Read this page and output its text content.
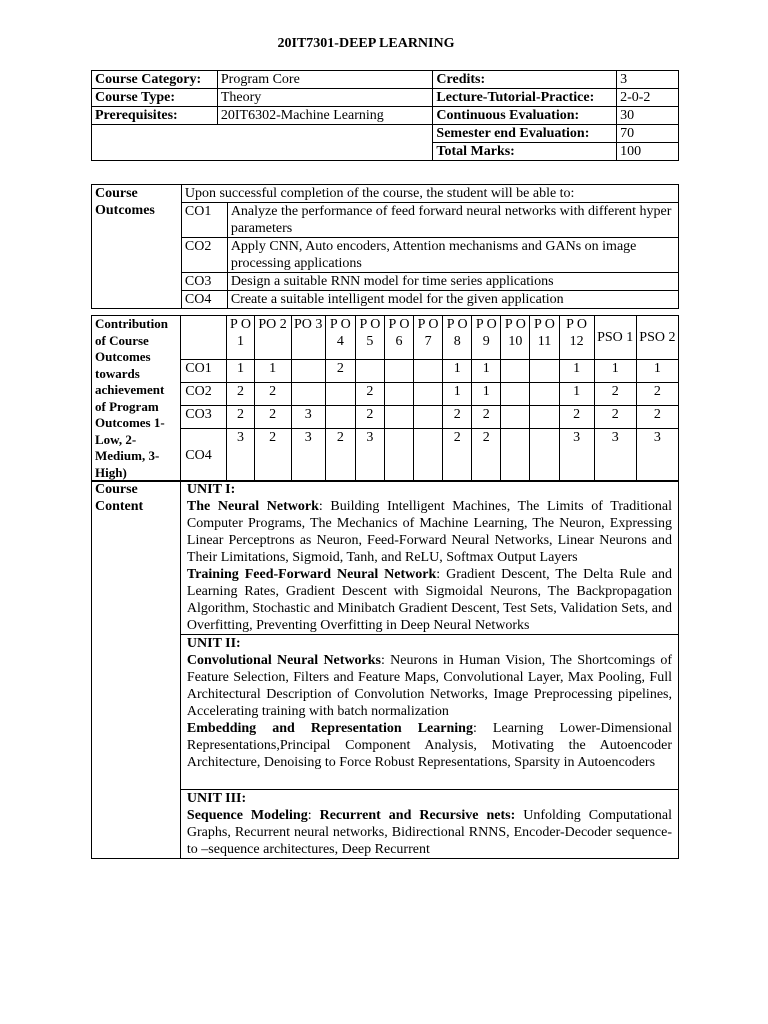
20IT7301-DEEP LEARNING
Course Category:	Program Core	Credits:	3
Course Type:	Theory	Lecture-Tutorial-Practice:	2-0-2
Prerequisites:	20IT6302-Machine Learning	Continuous Evaluation:	30
		Semester end Evaluation:	70
		Total Marks:	100
Course Outcomes	Upon successful completion of the course, the student will be able to:	
	CO1	Analyze the performance of feed forward neural networks with different hyper parameters
	CO2	Apply CNN, Auto encoders, Attention mechanisms and GANs on image processing applications
	CO3	Design a suitable RNN model for time series applications
	CO4	Create a suitable intelligent model for the given application
Contribution of Course Outcomes towards achievement of Program Outcomes 1-Low, 2-Medium, 3-High)		P O 1	PO 2	PO 3	P O 4	P O 5	P O 6	P O 7	P O 8	P O 9	P O 10	P O 11	P O 12	PSO 1	PSO 2
	CO1	1	1		2				1	1			1	1	1
	CO2	2	2			2			1	1			1	2	2
	CO3	2	2	3		2			2	2			2	2	2
	CO4	3	2	3	2	3			2	2			3	3	3
Course Content	
UNIT I:

The Neural Network: Building Intelligent Machines, The Limits of Traditional Computer Programs, The Mechanics of Machine Learning, The Neuron, Expressing Linear Perceptrons as Neuron, Feed-Forward Neural Networks, Linear Neurons and Their Limitations, Sigmoid, Tanh, and ReLU, Softmax Output Layers

Training Feed-Forward Neural Network: Gradient Descent, The Delta Rule and Learning Rates, Gradient Descent with Sigmoidal Neurons, The Backpropagation Algorithm, Stochastic and Minibatch Gradient Descent, Test Sets, Validation Sets, and Overfitting, Preventing Overfitting in Deep Neural Networks

UNIT II:

Convolutional Neural Networks: Neurons in Human Vision, The Shortcomings of Feature Selection, Filters and Feature Maps, Convolutional Layer, Max Pooling, Full Architectural Description of Convolution Networks, Image Preprocessing pipelines, Accelerating training with batch normalization

Embedding and Representation Learning: Learning Lower-Dimensional Representations,Principal Component Analysis, Motivating the Autoencoder Architecture, Denoising to Force Robust Representations, Sparsity in Autoencoders

UNIT III:

Sequence Modeling: Recurrent and Recursive nets: Unfolding Computational Graphs, Recurrent neural networks, Bidirectional RNNS, Encoder-Decoder sequence-to –sequence architectures, Deep Recurrent
